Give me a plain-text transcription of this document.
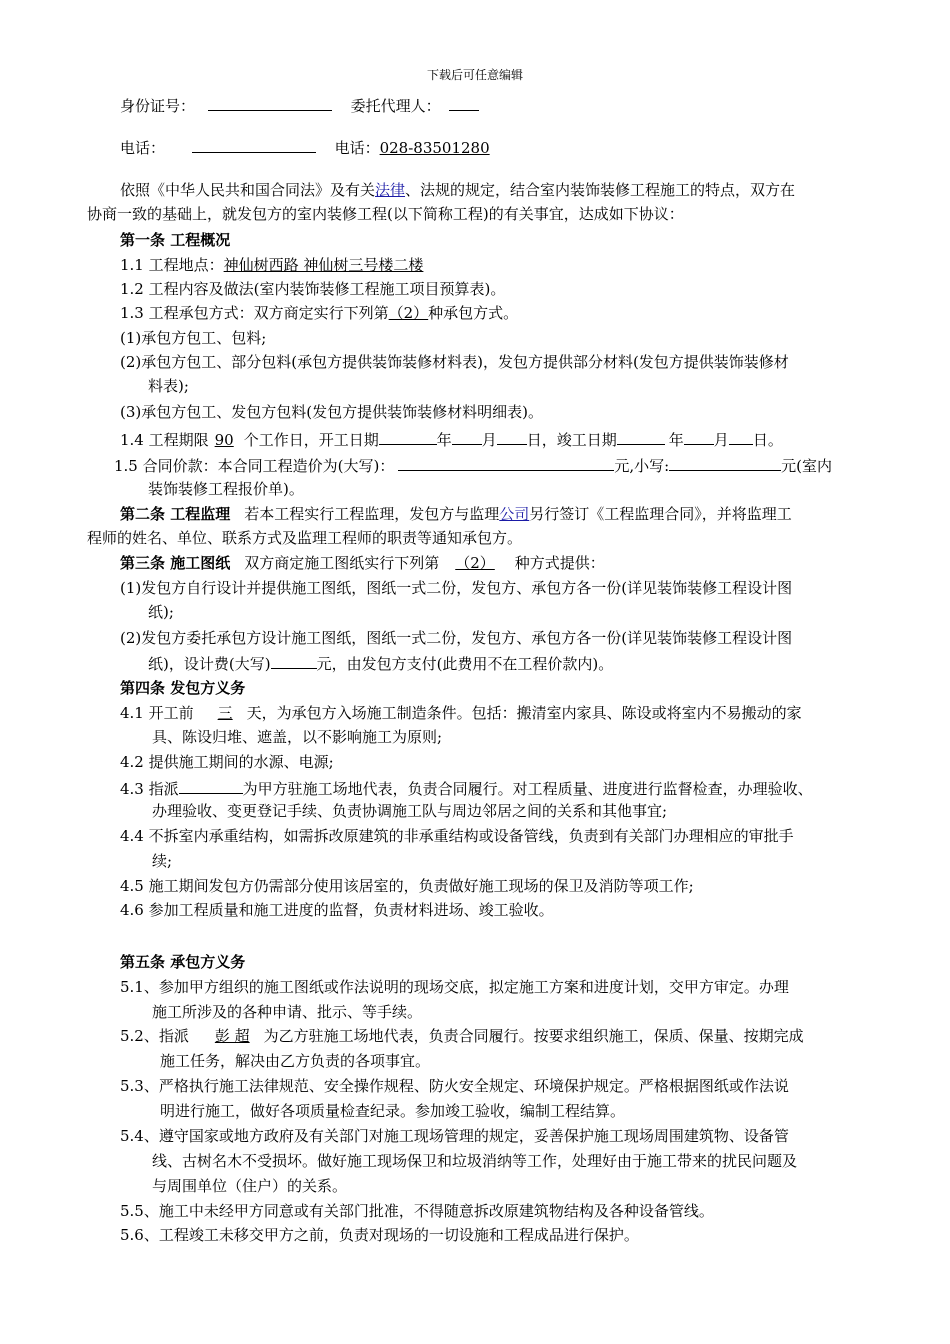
下载后可任意编辑
身份证号：	委托代理人：
电话：	电话：028-83501280
依照《中华人民共和国合同法》及有关法律、法规的规定，结合室内装饰装修工程施工的特点，双方在
协商一致的基础上，就发包方的室内装修工程(以下简称工程)的有关事宜，达成如下协议：
第一条 工程概况
1.1 工程地点：神仙树西路 神仙树三号楼二楼
1.2 工程内容及做法(室内装饰装修工程施工项目预算表)。
1.3 工程承包方式：双方商定实行下列第（2）种承包方式。
(1)承包方包工、包料;
(2)承包方包工、部分包料(承包方提供装饰装修材料表)，发包方提供部分材料(发包方提供装饰装修材
料表);
(3)承包方包工、发包方包料(发包方提供装饰装修材料明细表)。
1.4 工程期限 90 个工作日，开工日期	年 月 日，竣工日期	年 月 日。
1.5 合同价款：本合同工程造价为(大写)：	元,小写:	元(室内
装饰装修工程报价单)。
第二条 工程监理 若本工程实行工程监理，发包方与监理公司另行签订《工程监理合同》，并将监理工
程师的姓名、单位、联系方式及监理工程师的职责等通知承包方。
第三条 施工图纸 双方商定施工图纸实行下列第 （2） 种方式提供：
(1)发包方自行设计并提供施工图纸，图纸一式二份，发包方、承包方各一份(详见装饰装修工程设计图
纸);
(2)发包方委托承包方设计施工图纸，图纸一式二份，发包方、承包方各一份(详见装饰装修工程设计图
纸)，设计费(大写)	元，由发包方支付(此费用不在工程价款内)。
第四条 发包方义务
4.1 开工前 三 天，为承包方入场施工制造条件。包括：搬清室内家具、陈设或将室内不易搬动的家
具、陈设归堆、遮盖，以不影响施工为原则;
4.2 提供施工期间的水源、电源;
4.3 指派	为甲方驻施工场地代表，负责合同履行。对工程质量、进度进行监督检查，办理验收、
办理验收、变更登记手续、负责协调施工队与周边邻居之间的关系和其他事宜;
4.4 不拆室内承重结构，如需拆改原建筑的非承重结构或设备管线，负责到有关部门办理相应的审批手
续;
4.5 施工期间发包方仍需部分使用该居室的，负责做好施工现场的保卫及消防等项工作;
4.6 参加工程质量和施工进度的监督，负责材料进场、竣工验收。
第五条 承包方义务
5.1、参加甲方组织的施工图纸或作法说明的现场交底，拟定施工方案和进度计划，交甲方审定。办理
施工所涉及的各种申请、批示、等手续。
5.2、指派 彭 超 为乙方驻施工场地代表，负责合同履行。按要求组织施工，保质、保量、按期完成
施工任务，解决由乙方负责的各项事宜。
5.3、严格执行施工法律规范、安全操作规程、防火安全规定、环境保护规定。严格根据图纸或作法说
明进行施工，做好各项质量检查纪录。参加竣工验收，编制工程结算。
5.4、遵守国家或地方政府及有关部门对施工现场管理的规定，妥善保护施工现场周围建筑物、设备管
线、古树名木不受损坏。做好施工现场保卫和垃圾消纳等工作，处理好由于施工带来的扰民问题及
与周围单位（住户）的关系。
5.5、施工中未经甲方同意或有关部门批准，不得随意拆改原建筑物结构及各种设备管线。
5.6、工程竣工未移交甲方之前，负责对现场的一切设施和工程成品进行保护。
